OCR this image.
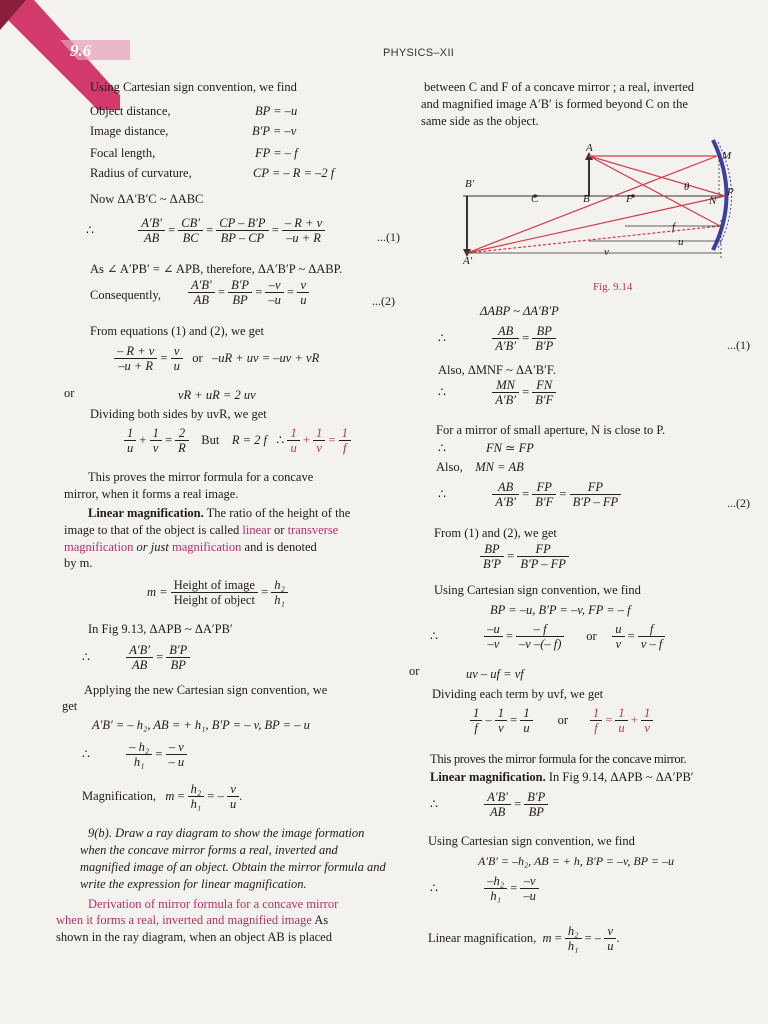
9.6	PHYSICS–XII
Using Cartesian sign convention, we find
Object distance,	BP = –u
Image distance,	B′P = –v
Focal length,	FP = – f
Radius of curvature,	CP = – R = –2 f
Now ΔA′B′C ~ ΔABC
∴	$\frac{A'B'}{AB} = \frac{CB'}{BC} = \frac{CP - B'P}{BP - CP} = \frac{- R + v}{-u + R}$	...(1)
As ∠ A′PB′ = ∠ APB, therefore, ΔA′B′P ~ ΔABP.
Consequently, $\frac{A'B'}{AB} = \frac{B'P}{BP} = \frac{-v}{-u} = \frac{v}{u}$	...(2)
From equations (1) and (2), we get
$\frac{- R + v}{-u + R} = \frac{v}{u}$ or –uR + uv = –uv + vR
or	vR + uR = 2 uv
Dividing both sides by uvR, we get
$\frac{1}{u} + \frac{1}{v} = \frac{2}{R}$ But R = 2 f ∴ $\frac{1}{u} + \frac{1}{v} = \frac{1}{f}$
This proves the mirror formula for a concave
mirror, when it forms a real image.
Linear magnification. The ratio of the height of the
image to that of the object is called linear or transverse
magnification or just magnification and is denoted
by m.
$m = \frac{\text{Height of image}}{\text{Height of object}} = \frac{\text{h₂}}{\text{h₁}}$
In Fig 9.13, ΔAPB ~ ΔA′PB′
∴	$\frac{A'B'}{AB} = \frac{B'P}{BP}$
Applying the new Cartesian sign convention, we
get
A′B′ = – h₂, AB = + h₁, B′P = – v, BP = – u
∴	$\frac{\text{– h₂}}{\text{h₁}} = \frac{- v}{- u}$
Magnification, $m = \frac{\text{h₂}}{\text{h₁}}$ = – $\frac{v}{u}$ .
9(b). Draw a ray diagram to show the image formation
when the concave mirror forms a real, inverted and
magnified image of an object. Obtain the mirror formula and
write the expression for linear magnification.
Derivation of mirror formula for a concave mirror
when it forms a real, inverted and magnified image As
shown in the ray diagram, when an object AB is placed
between C and F of a concave mirror ; a real, inverted
and magnified image A′B′ is formed beyond C on the
same side as the object.
A
B′
C	B	F
M
N
P
θ
A′
f
u
v
Fig. 9.14
ΔABP ~ ΔA′B′P
∴	$\frac{AB}{A'B'} = \frac{BP}{B'P}$	...(1)
Also, ΔMNF ~ ΔA′B′F.
∴	$\frac{MN}{A'B'} = \frac{FN}{B'F}$
For a mirror of small aperture, N is close to P.
∴	FN ≃ FP
Also, MN = AB
∴	$\frac{AB}{A'B'} = \frac{FP}{B'F} = \frac{FP}{B'P - FP}$	...(2)
From (1) and (2), we get
$\frac{BP}{B'P} = \frac{FP}{B'P - FP}$
Using Cartesian sign convention, we find
BP = –u, B′P = –v, FP = – f
∴	$\frac{-u}{-v} = \frac{- f}{-v -(- f)}$ or $\frac{u}{v} = \frac{f}{v - f}$
or	uv – uf = vf
Dividing each term by uvf, we get
$\frac{1}{f} - \frac{1}{v} = \frac{1}{u}$ or $\frac{1}{f} = \frac{1}{u} + \frac{1}{v}$
This proves the mirror formula for the concave mirror.
Linear magnification. In Fig 9.14, ΔAPB ~ ΔA′PB′
∴	$\frac{A'B'}{AB} = \frac{B'P}{BP}$
Using Cartesian sign convention, we find
A′B′ = –h₂, AB = + h, B′P = –v, BP = –u
∴	$\frac{\text{–h₂}}{\text{h₁}} = \frac{-v}{-u}$
Linear magnification, $m = \frac{\text{h₂}}{\text{h₁}}$ = – $\frac{v}{u}$ .
